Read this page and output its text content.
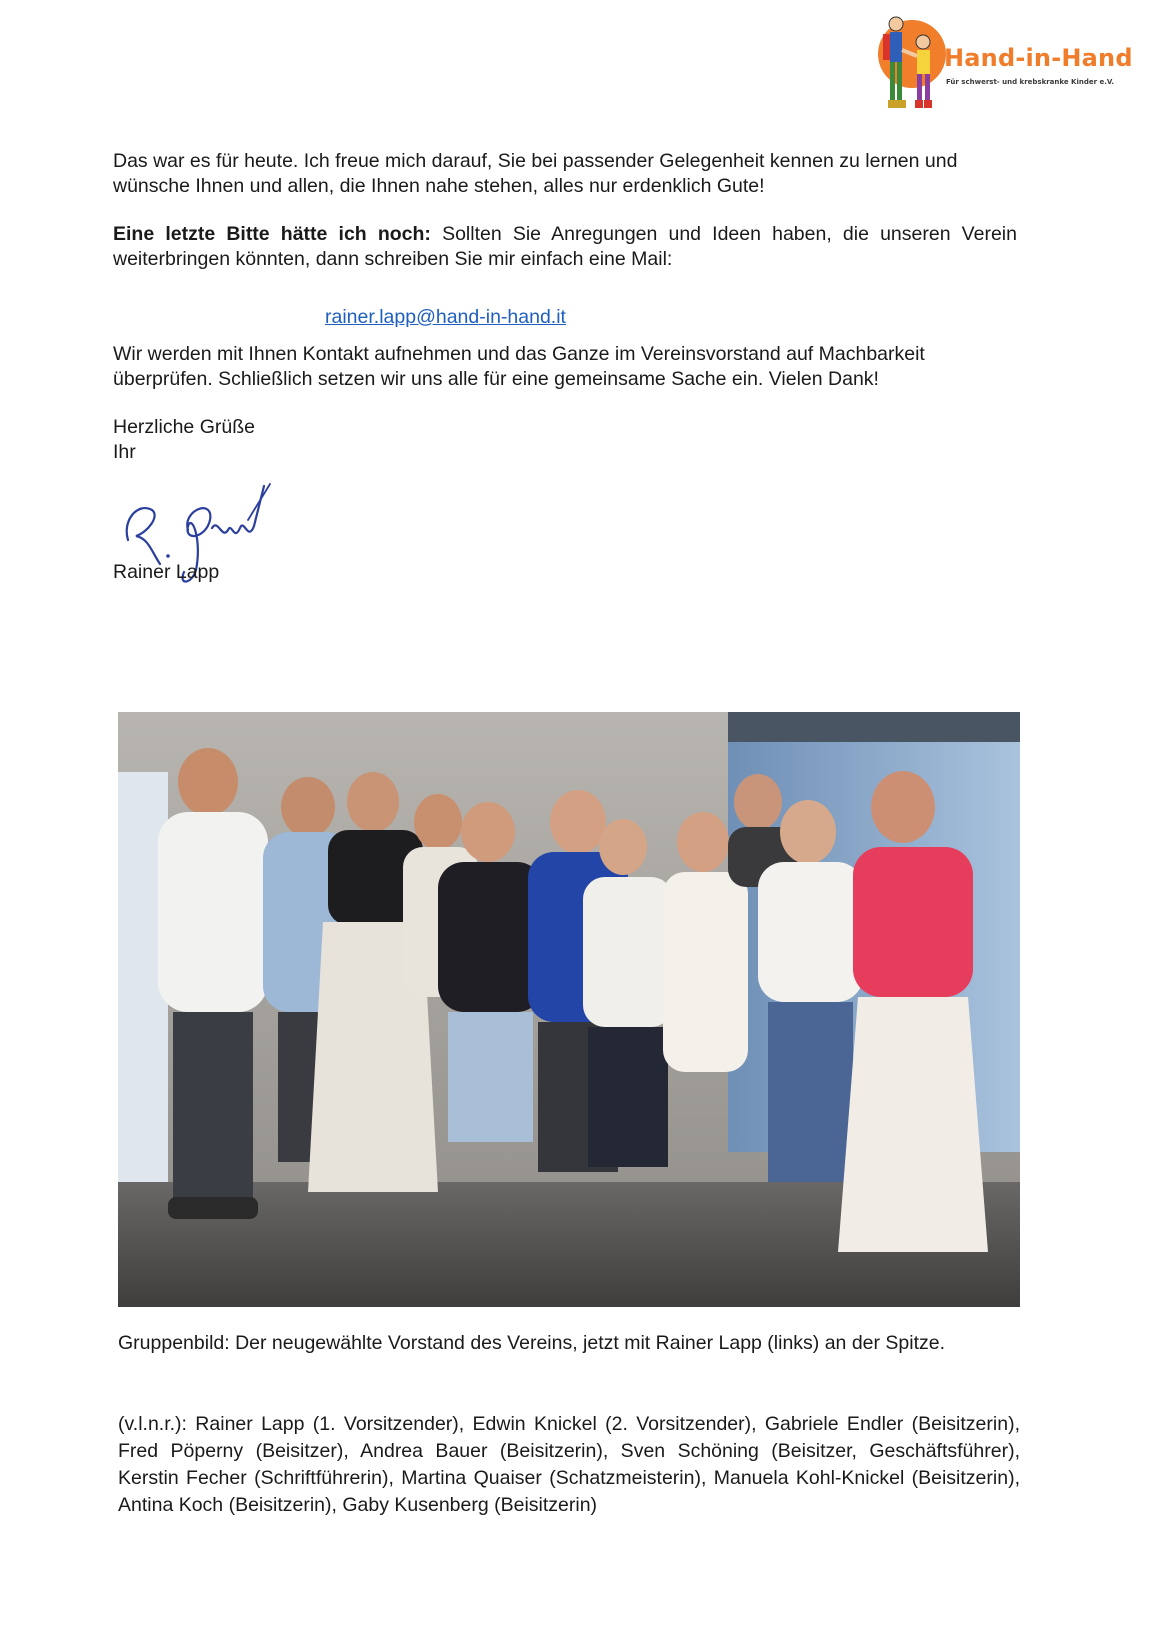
Hand-in-Hand
Für schwerst- und krebskranke Kinder e.V.
Das war es für heute. Ich freue mich darauf, Sie bei passender Gelegenheit kennen zu lernen und wünsche Ihnen und allen, die Ihnen nahe stehen, alles nur erdenklich Gute!
Eine letzte Bitte hätte ich noch: Sollten Sie Anregungen und Ideen haben, die unseren Verein weiterbringen könnten, dann schreiben Sie mir einfach eine Mail:
rainer.lapp@hand-in-hand.it
Wir werden mit Ihnen Kontakt aufnehmen und das Ganze im Vereinsvorstand auf Machbarkeit überprüfen. Schließlich setzen wir uns alle für eine gemeinsame Sache ein. Vielen Dank!
Herzliche Grüße
Ihr
Rainer Lapp
Gruppenbild: Der neugewählte Vorstand des Vereins, jetzt mit Rainer Lapp (links) an der Spitze.
(v.l.n.r.): Rainer Lapp (1. Vorsitzender), Edwin Knickel (2. Vorsitzender), Gabriele Endler (Beisitzerin), Fred Pöperny (Beisitzer), Andrea Bauer (Beisitzerin), Sven Schöning (Beisitzer, Geschäftsführer), Kerstin Fecher (Schriftführerin), Martina Quaiser (Schatzmeisterin), Manuela Kohl-Knickel (Beisitzerin), Antina Koch (Beisitzerin), Gaby Kusenberg (Beisitzerin)
